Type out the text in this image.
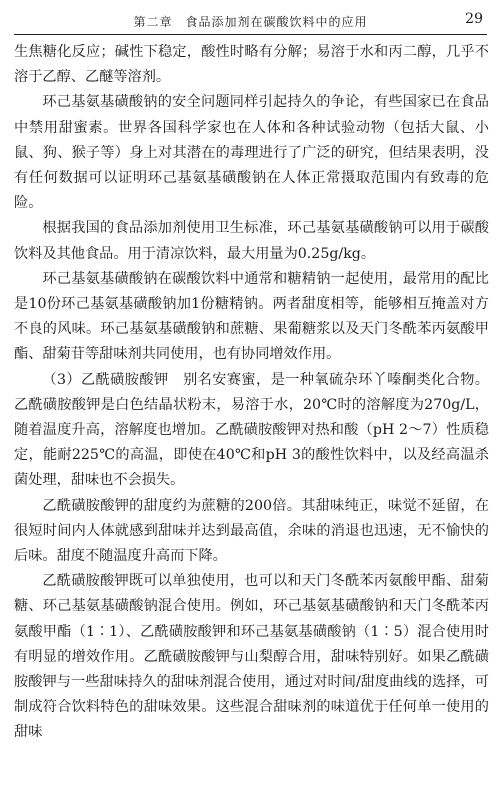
第二章　食品添加剂在碳酸饮料中的应用	29

生焦糖化反应；碱性下稳定，酸性时略有分解；易溶于水和丙二醇，几乎不溶于乙醇、乙醚等溶剂。

环己基氨基磺酸钠的安全问题同样引起持久的争论，有些国家已在食品中禁用甜蜜素。世界各国科学家也在人体和各种试验动物（包括大鼠、小鼠、狗、猴子等）身上对其潜在的毒理进行了广泛的研究，但结果表明，没有任何数据可以证明环己基氨基磺酸钠在人体正常摄取范围内有致毒的危险。

根据我国的食品添加剂使用卫生标准，环己基氨基磺酸钠可以用于碳酸饮料及其他食品。用于清凉饮料，最大用量为0.25g/kg。

环己基氨基磺酸钠在碳酸饮料中通常和糖精钠一起使用，最常用的配比是10份环己基氨基磺酸钠加1份糖精钠。两者甜度相等，能够相互掩盖对方不良的风味。环己基氨基磺酸钠和蔗糖、果葡糖浆以及天门冬酰苯丙氨酸甲酯、甜菊苷等甜味剂共同使用，也有协同增效作用。

（3）乙酰磺胺酸钾　别名安赛蜜，是一种氧硫杂环丫嗪酮类化合物。乙酰磺胺酸钾是白色结晶状粉末，易溶于水，20℃时的溶解度为270g/L，随着温度升高，溶解度也增加。乙酰磺胺酸钾对热和酸（pH 2～7）性质稳定，能耐225℃的高温，即使在40℃和pH 3的酸性饮料中，以及经高温杀菌处理，甜味也不会损失。

乙酰磺胺酸钾的甜度约为蔗糖的200倍。其甜味纯正，味觉不延留，在很短时间内人体就感到甜味并达到最高值，余味的消退也迅速，无不愉快的后味。甜度不随温度升高而下降。

乙酰磺胺酸钾既可以单独使用，也可以和天门冬酰苯丙氨酸甲酯、甜菊糖、环己基氨基磺酸钠混合使用。例如，环己基氨基磺酸钠和天门冬酰苯丙氨酸甲酯（1∶1）、乙酰磺胺酸钾和环己基氨基磺酸钠（1∶5）混合使用时有明显的增效作用。乙酰磺胺酸钾与山梨醇合用，甜味特别好。如果乙酰磺胺酸钾与一些甜味持久的甜味剂混合使用，通过对时间/甜度曲线的选择，可制成符合饮料特色的甜味效果。这些混合甜味剂的味道优于任何单一使用的甜味
